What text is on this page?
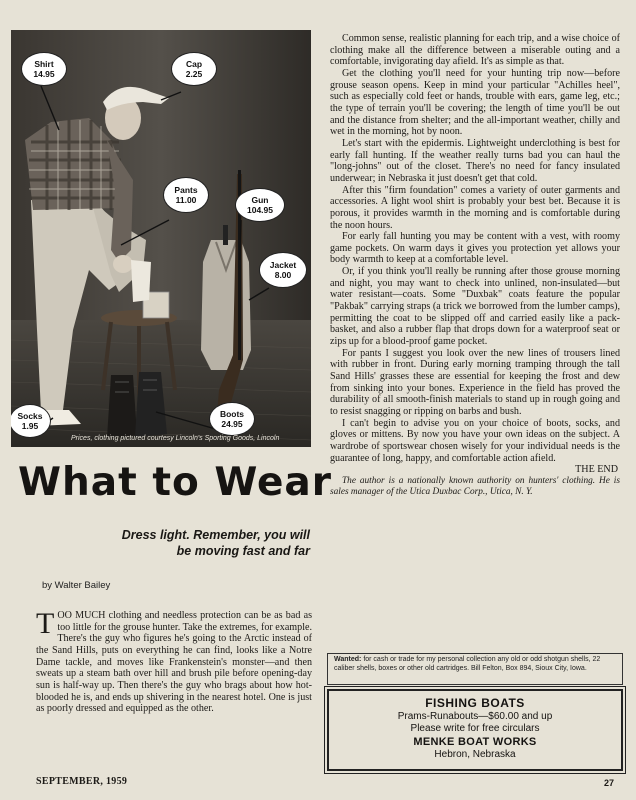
Shirt
14.95
Cap
2.25
Pants
11.00	Gun
104.95
Jacket
8.00
Socks
1.95
Boots
24.95
Prices, clothing pictured courtesy Lincoln's Sporting Goods, Lincoln
What to Wear
Dress light. Remember, you will be moving fast and far
by Walter Bailey

TOO MUCH clothing and needless protection can be as bad as too little for the grouse hunter. Take the extremes, for example. There's the guy who figures he's going to the Arctic instead of the Sand Hills, puts on everything he can find, looks like a Notre Dame tackle, and moves like Frankenstein's monster—and then sweats up a steam bath over hill and brush pile before opening-day sun is half-way up. Then there's the guy who brags about how hot-blooded he is, and ends up shivering in the nearest hotel. One is just as poorly dressed and equipped as the other.

Common sense, realistic planning for each trip, and a wise choice of clothing make all the difference between a miserable outing and a comfortable, invigorating day afield. It's as simple as that.

Get the clothing you'll need for your hunting trip now—before grouse season opens. Keep in mind your particular "Achilles heel", such as especially cold feet or hands, trouble with ears, game leg, etc.; the type of terrain you'll be covering; the length of time you'll be out and the distance from shelter; and the all-important weather, chilly and wet in the morning, hot by noon.

Let's start with the epidermis. Lightweight underclothing is best for early fall hunting. If the weather really turns bad you can haul the "long-johns" out of the closet. There's no need for fancy insulated underwear; in Nebraska it just doesn't get that cold.

After this "firm foundation" comes a variety of outer garments and accessories. A light wool shirt is probably your best bet. Because it is porous, it provides warmth in the morning and is comfortable during the noon hours.

For early fall hunting you may be content with a vest, with roomy game pockets. On warm days it gives you protection yet allows your body warmth to keep at a comfortable level.

Or, if you think you'll really be running after those grouse morning and night, you may want to check into unlined, non-insulated—but water resistant—coats. Some "Duxbak" coats feature the popular "Pakbak" carrying straps (a trick we borrowed from the lumber camps), permitting the coat to be slipped off and carried easily like a pack-basket, and also a rubber flap that drops down for a waterproof seat or zips up for a blood-proof game pocket.

For pants I suggest you look over the new lines of trousers lined with rubber in front. During early morning tramping through the tall Sand Hills' grasses these are essential for keeping the frost and dew from sinking into your bones. Experience in the field has proved the durability of all smooth-finish materials to stand up in rough going and to resist snagging or ripping on barbs and bush.

I can't begin to advise you on your choice of boots, socks, and gloves or mittens. By now you have your own ideas on the subject. A wardrobe of sportswear chosen wisely for your individual needs is the guarantee of long, happy, and comfortable action afield.

THE END

The author is a nationally known authority on hunters' clothing. He is sales manager of the Utica Duxbac Corp., Utica, N. Y.

Wanted: for cash or trade for my personal collection any old or odd shotgun shells, 22 caliber shells, boxes or other old cartridges. Bill Felton, Box 894, Sioux City, Iowa.
FISHING BOATS
Prams-Runabouts—$60.00 and up
Please write for free circulars
MENKE BOAT WORKS
Hebron, Nebraska
SEPTEMBER, 1959	27
